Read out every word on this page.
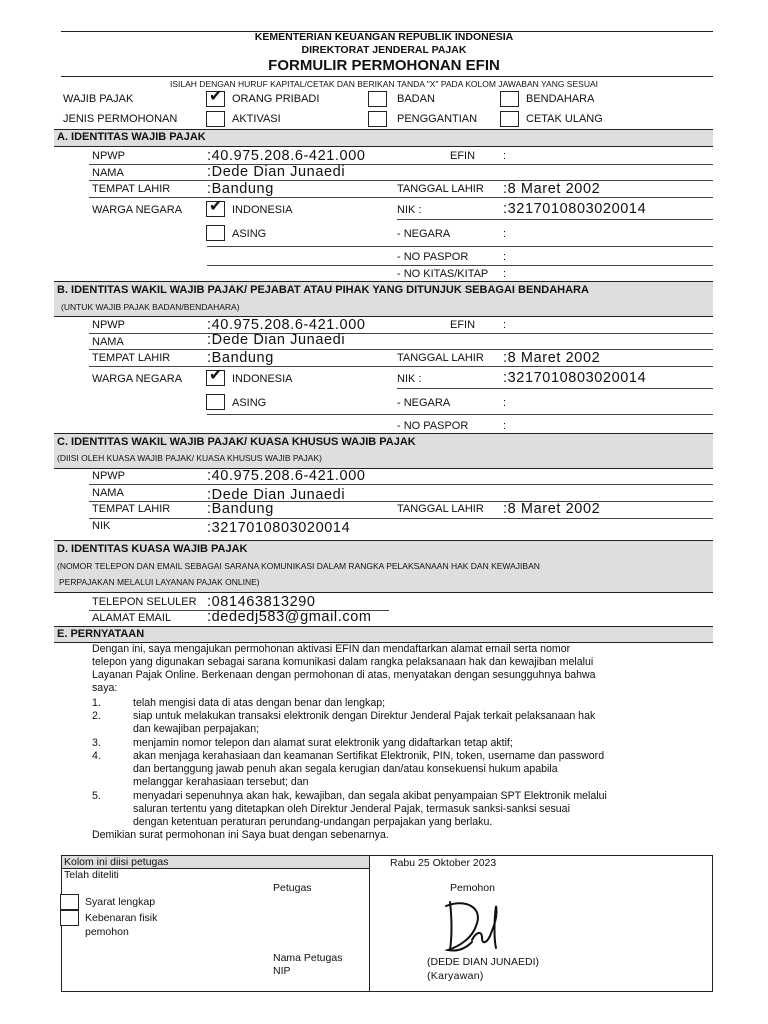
KEMENTERIAN KEUANGAN REPUBLIK INDONESIA
DIREKTORAT JENDERAL PAJAK
FORMULIR PERMOHONAN EFIN
ISILAH DENGAN HURUF KAPITAL/CETAK DAN BERIKAN TANDA "X" PADA KOLOM JAWABAN YANG SESUAI
WAJIB PAJAK	✔ ORANG PRIBADI	BADAN	BENDAHARA
JENIS PERMOHONAN	AKTIVASI	PENGGANTIAN	CETAK ULANG
A. IDENTITAS WAJIB PAJAK
NPWP	:40.975.208.6-421.000	EFIN	:
NAMA	:Dede Dian Junaedi
TEMPAT LAHIR	:Bandung	TANGGAL LAHIR :8 Maret 2002
WARGA NEGARA ✔ INDONESIA	NIK :	:3217010803020014
ASING	- NEGARA	:
- NO PASPOR	:
- NO KITAS/KITAP :
B. IDENTITAS WAKIL WAJIB PAJAK/ PEJABAT ATAU PIHAK YANG DITUNJUK SEBAGAI BENDAHARA
(UNTUK WAJIB PAJAK BADAN/BENDAHARA)
NPWP	:40.975.208.6-421.000	EFIN	:
NAMA	:Dede Dian Junaedi
TEMPAT LAHIR	:Bandung	TANGGAL LAHIR :8 Maret 2002
WARGA NEGARA ✔ INDONESIA	NIK :	:3217010803020014
ASING	- NEGARA	:
- NO PASPOR	:
C. IDENTITAS WAKIL WAJIB PAJAK/ KUASA KHUSUS WAJIB PAJAK
(DIISI OLEH KUASA WAJIB PAJAK/ KUASA KHUSUS WAJIB PAJAK)
NPWP	:40.975.208.6-421.000
NAMA	:Dede Dian Junaedi
TEMPAT LAHIR	:Bandung	TANGGAL LAHIR :8 Maret 2002
NIK	:3217010803020014
D. IDENTITAS KUASA WAJIB PAJAK
(NOMOR TELEPON DAN EMAIL SEBAGAI SARANA KOMUNIKASI DALAM RANGKA PELAKSANAAN HAK DAN KEWAJIBAN
PERPAJAKAN MELALUI LAYANAN PAJAK ONLINE)
TELEPON SELULER :081463813290
ALAMAT EMAIL :dededj583@gmail.com
E. PERNYATAAN
Dengan ini, saya mengajukan permohonan aktivasi EFIN dan mendaftarkan alamat email serta nomor
telepon yang digunakan sebagai sarana komunikasi dalam rangka pelaksanaan hak dan kewajiban melalui
Layanan Pajak Online. Berkenaan dengan permohonan di atas, menyatakan dengan sesungguhnya bahwa
saya:
1.	telah mengisi data di atas dengan benar dan lengkap;
2.	siap untuk melakukan transaksi elektronik dengan Direktur Jenderal Pajak terkait pelaksanaan hak
dan kewajiban perpajakan;
3.	menjamin nomor telepon dan alamat surat elektronik yang didaftarkan tetap aktif;
4.	akan menjaga kerahasiaan dan keamanan Sertifikat Elektronik, PIN, token, username dan password
dan bertanggung jawab penuh akan segala kerugian dan/atau konsekuensi hukum apabila
melanggar kerahasiaan tersebut; dan
5.	menyadari sepenuhnya akan hak, kewajiban, dan segala akibat penyampaian SPT Elektronik melalui
saluran tertentu yang ditetapkan oleh Direktur Jenderal Pajak, termasuk sanksi-sanksi sesuai
dengan ketentuan peraturan perundang-undangan perpajakan yang berlaku.
Demikian surat permohonan ini Saya buat dengan sebenarnya.
Kolom ini diisi petugas
Telah diteliti
Petugas
Syarat lengkap
Kebenaran fisik
pemohon
Nama Petugas
NIP
Rabu 25 Oktober 2023
Pemohon
(DEDE DIAN JUNAEDI)
(Karyawan)
